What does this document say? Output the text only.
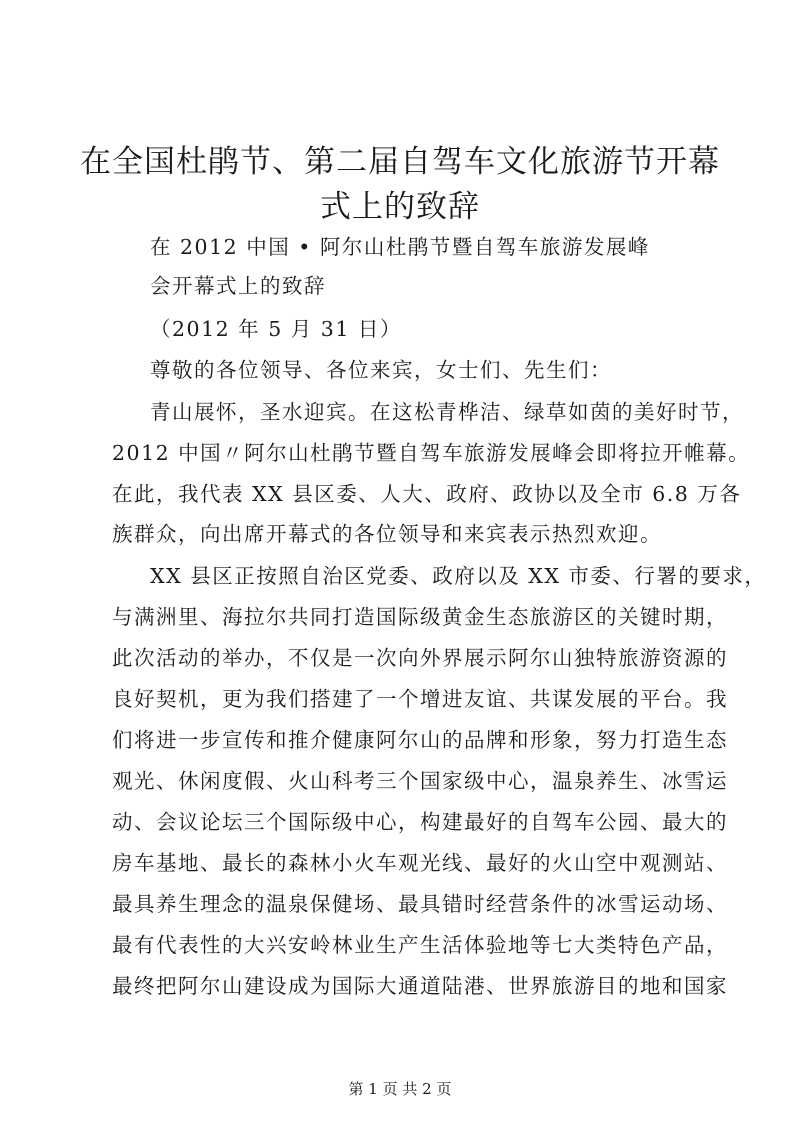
在全国杜鹃节、第二届自驾车文化旅游节开幕
式上的致辞
在 2012 中国 • 阿尔山杜鹃节暨自驾车旅游发展峰
会开幕式上的致辞
（2012 年 5 月 31 日）
尊敬的各位领导、各位来宾，女士们、先生们：
青山展怀，圣水迎宾。在这松青桦洁、绿草如茵的美好时节，
2012 中国〃阿尔山杜鹃节暨自驾车旅游发展峰会即将拉开帷幕。
在此，我代表 XX 县区委、人大、政府、政协以及全市 6.8 万各
族群众，向出席开幕式的各位领导和来宾表示热烈欢迎。
XX 县区正按照自治区党委、政府以及 XX 市委、行署的要求，
与满洲里、海拉尔共同打造国际级黄金生态旅游区的关键时期，
此次活动的举办，不仅是一次向外界展示阿尔山独特旅游资源的
良好契机，更为我们搭建了一个增进友谊、共谋发展的平台。我
们将进一步宣传和推介健康阿尔山的品牌和形象，努力打造生态
观光、休闲度假、火山科考三个国家级中心，温泉养生、冰雪运
动、会议论坛三个国际级中心，构建最好的自驾车公园、最大的
房车基地、最长的森林小火车观光线、最好的火山空中观测站、
最具养生理念的温泉保健场、最具错时经营条件的冰雪运动场、
最有代表性的大兴安岭林业生产生活体验地等七大类特色产品，
最终把阿尔山建设成为国际大通道陆港、世界旅游目的地和国家
第 1 页 共 2 页
